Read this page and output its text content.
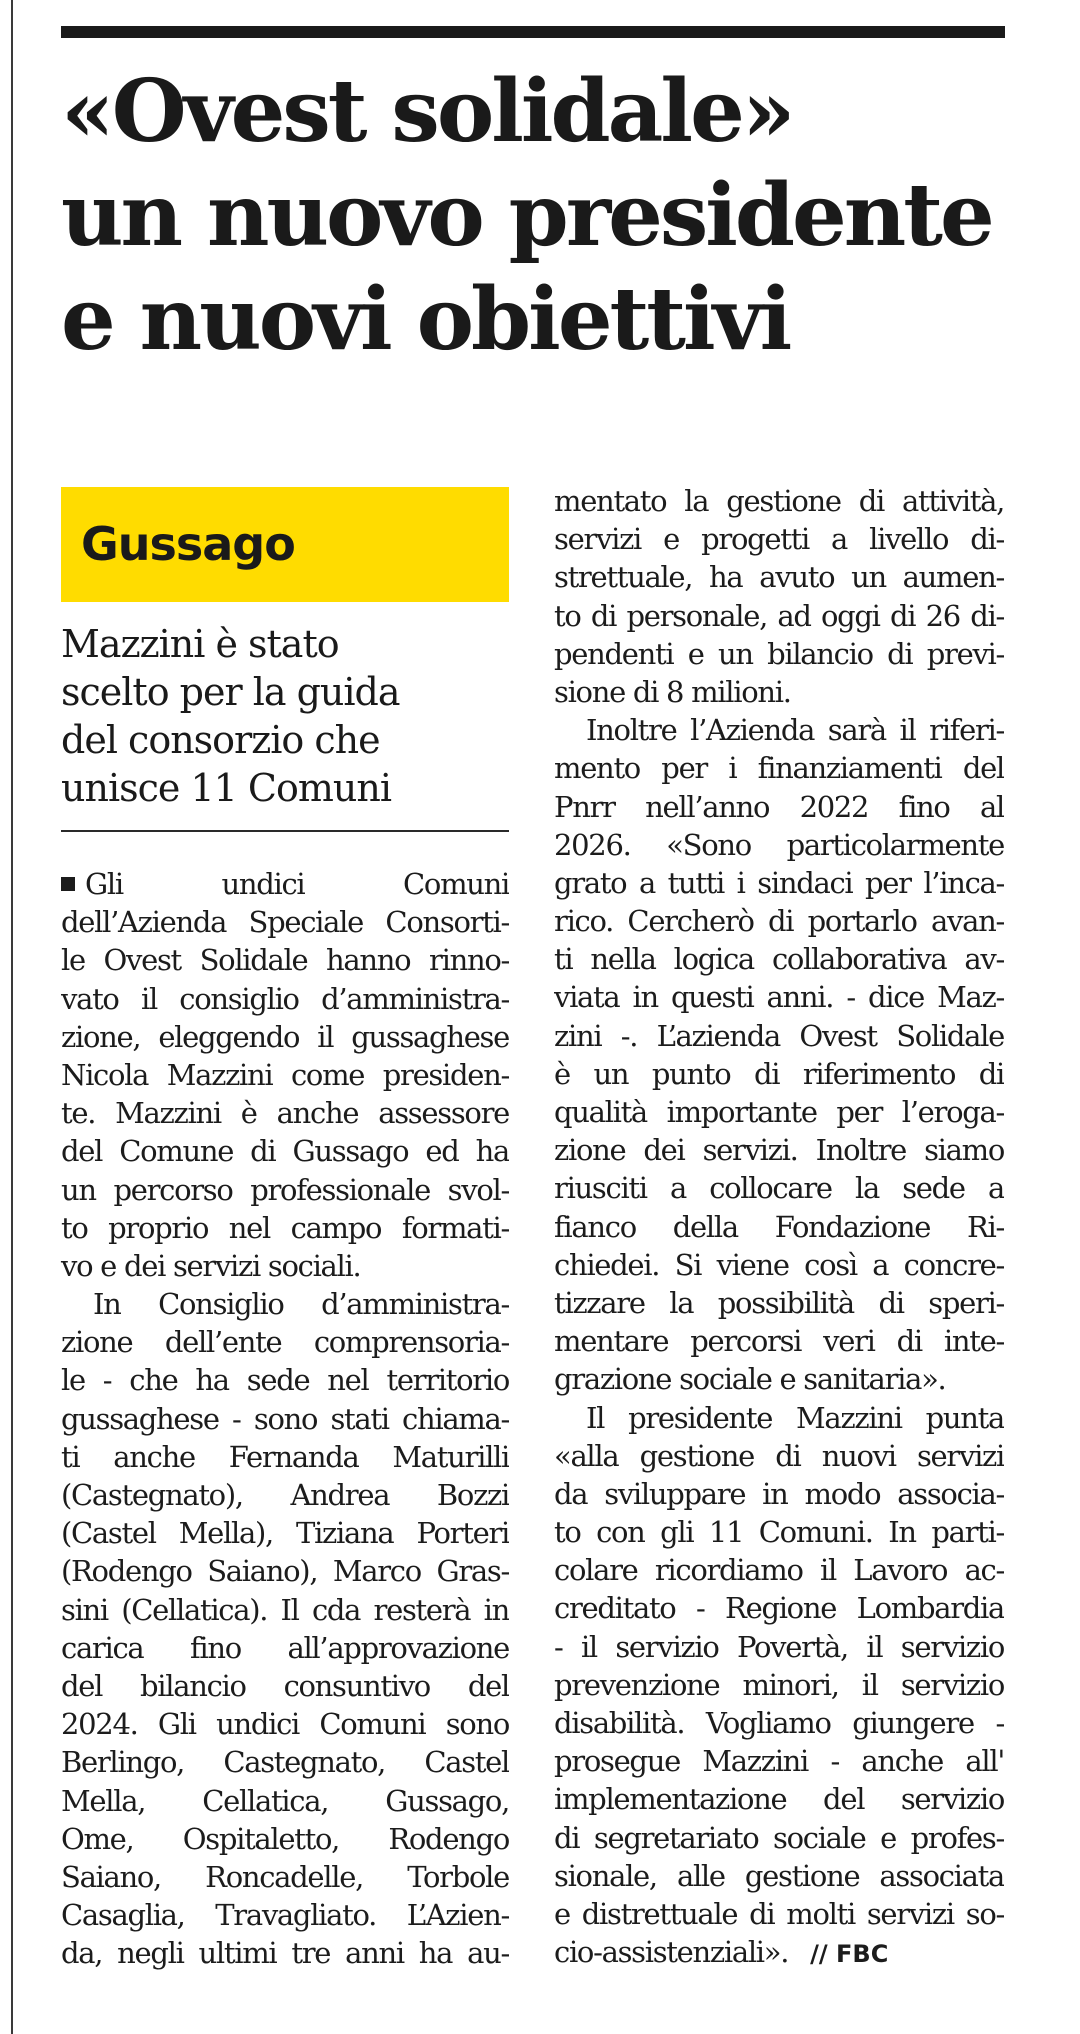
«Ovest solidale»
un nuovo presidente
e nuovi obiettivi
Gussago
Mazzini è stato
scelto per la guida
del consorzio che
unisce 11 Comuni
Gli undici Comuni
dell’Azienda Speciale Consorti-
le Ovest Solidale hanno rinno-
vato il consiglio d’amministra-
zione, eleggendo il gussaghese
Nicola Mazzini come presiden-
te. Mazzini è anche assessore
del Comune di Gussago ed ha
un percorso professionale svol-
to proprio nel campo formati-
vo e dei servizi sociali.
In Consiglio d’amministra-
zione dell’ente comprensoria-
le - che ha sede nel territorio
gussaghese - sono stati chiama-
ti anche Fernanda Maturilli
(Castegnato), Andrea Bozzi
(Castel Mella), Tiziana Porteri
(Rodengo Saiano), Marco Gras-
sini (Cellatica). Il cda resterà in
carica fino all’approvazione
del bilancio consuntivo del
2024. Gli undici Comuni sono
Berlingo, Castegnato, Castel
Mella, Cellatica, Gussago,
Ome, Ospitaletto, Rodengo
Saiano, Roncadelle, Torbole
Casaglia, Travagliato. L’Azien-
da, negli ultimi tre anni ha au-
mentato la gestione di attività,
servizi e progetti a livello di-
strettuale, ha avuto un aumen-
to di personale, ad oggi di 26 di-
pendenti e un bilancio di previ-
sione di 8 milioni.
Inoltre l’Azienda sarà il riferi-
mento per i finanziamenti del
Pnrr nell’anno 2022 fino al
2026. «Sono particolarmente
grato a tutti i sindaci per l’inca-
rico. Cercherò di portarlo avan-
ti nella logica collaborativa av-
viata in questi anni. - dice Maz-
zini -. L’azienda Ovest Solidale
è un punto di riferimento di
qualità importante per l’eroga-
zione dei servizi. Inoltre siamo
riusciti a collocare la sede a
fianco della Fondazione Ri-
chiedei. Si viene così a concre-
tizzare la possibilità di speri-
mentare percorsi veri di inte-
grazione sociale e sanitaria».
Il presidente Mazzini punta
«alla gestione di nuovi servizi
da sviluppare in modo associa-
to con gli 11 Comuni. In parti-
colare ricordiamo il Lavoro ac-
creditato - Regione Lombardia
- il servizio Povertà, il servizio
prevenzione minori, il servizio
disabilità. Vogliamo giungere -
prosegue Mazzini - anche all'
implementazione del servizio
di segretariato sociale e profes-
sionale, alle gestione associata
e distrettuale di molti servizi so-
cio-assistenziali». // FBC
